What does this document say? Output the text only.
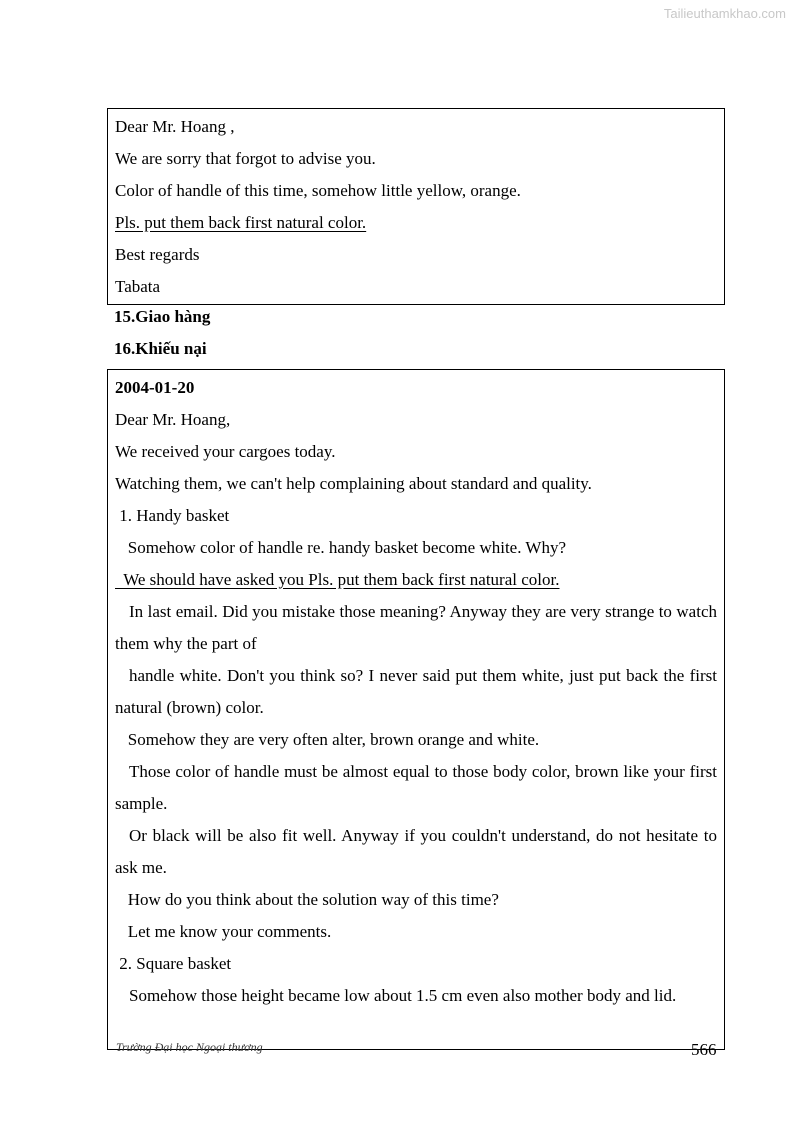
Tailieuthamkhao.com
Dear Mr. Hoang ,
We are sorry that forgot to advise you.
Color of handle of this time, somehow little yellow, orange.
Pls. put them back first natural color.
Best regards
Tabata
15.Giao hàng
16.Khiếu nại
2004-01-20
Dear Mr. Hoang,
We received your cargoes today.
Watching them, we can't help complaining about standard and quality.
1. Handy basket
Somehow color of handle re. handy basket become white. Why?
We should have asked you Pls. put them back first natural color.
In last email. Did you mistake those meaning? Anyway they are very strange to watch them why the part of
handle white. Don't you think so? I never said put them white, just put back the first natural (brown) color.
Somehow they are very often alter, brown orange and white.
Those color of handle must be almost equal to those body color, brown like your first sample.
Or black will be also fit well. Anyway if you couldn't understand, do not hesitate to ask me.
How do you think about the solution way of this time?
Let me know your comments.
2. Square basket
Somehow those height became low about 1.5 cm even also mother body and lid.
Trường Đại học Ngoại thương	566
